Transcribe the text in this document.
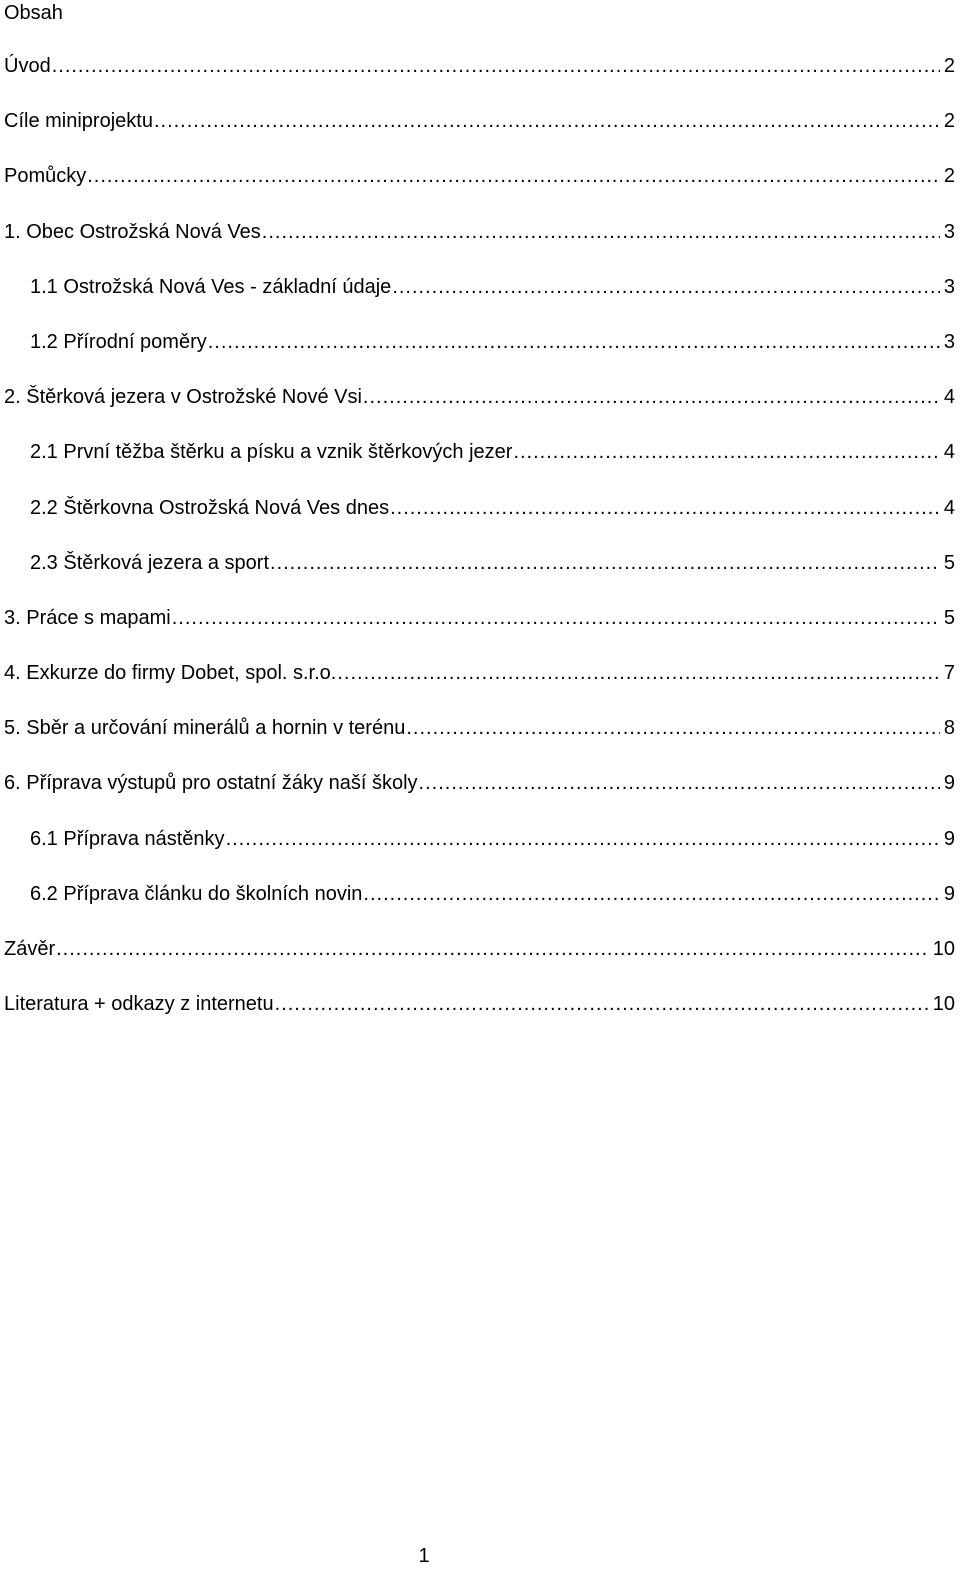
Obsah
Úvod .....	2
Cíle miniprojektu .....	2
Pomůcky .....	2
1. Obec Ostrožská Nová Ves .....	3
1.1 Ostrožská Nová Ves - základní údaje .....	3
1.2 Přírodní poměry .....	3
2. Štěrková jezera v Ostrožské Nové Vsi .....	4
2.1 První těžba štěrku a písku a vznik štěrkových jezer .....	4
2.2 Štěrkovna Ostrožská Nová Ves dnes .....	4
2.3 Štěrková jezera a sport .....	5
3. Práce s mapami .....	5
4. Exkurze do firmy Dobet, spol. s.r.o. .....	7
5. Sběr a určování minerálů a hornin v terénu .....	8
6. Příprava výstupů pro ostatní žáky naší školy .....	9
6.1 Příprava nástěnky .....	9
6.2 Příprava článku do školních novin .....	9
Závěr .....	10
Literatura + odkazy z internetu .....	10
1
